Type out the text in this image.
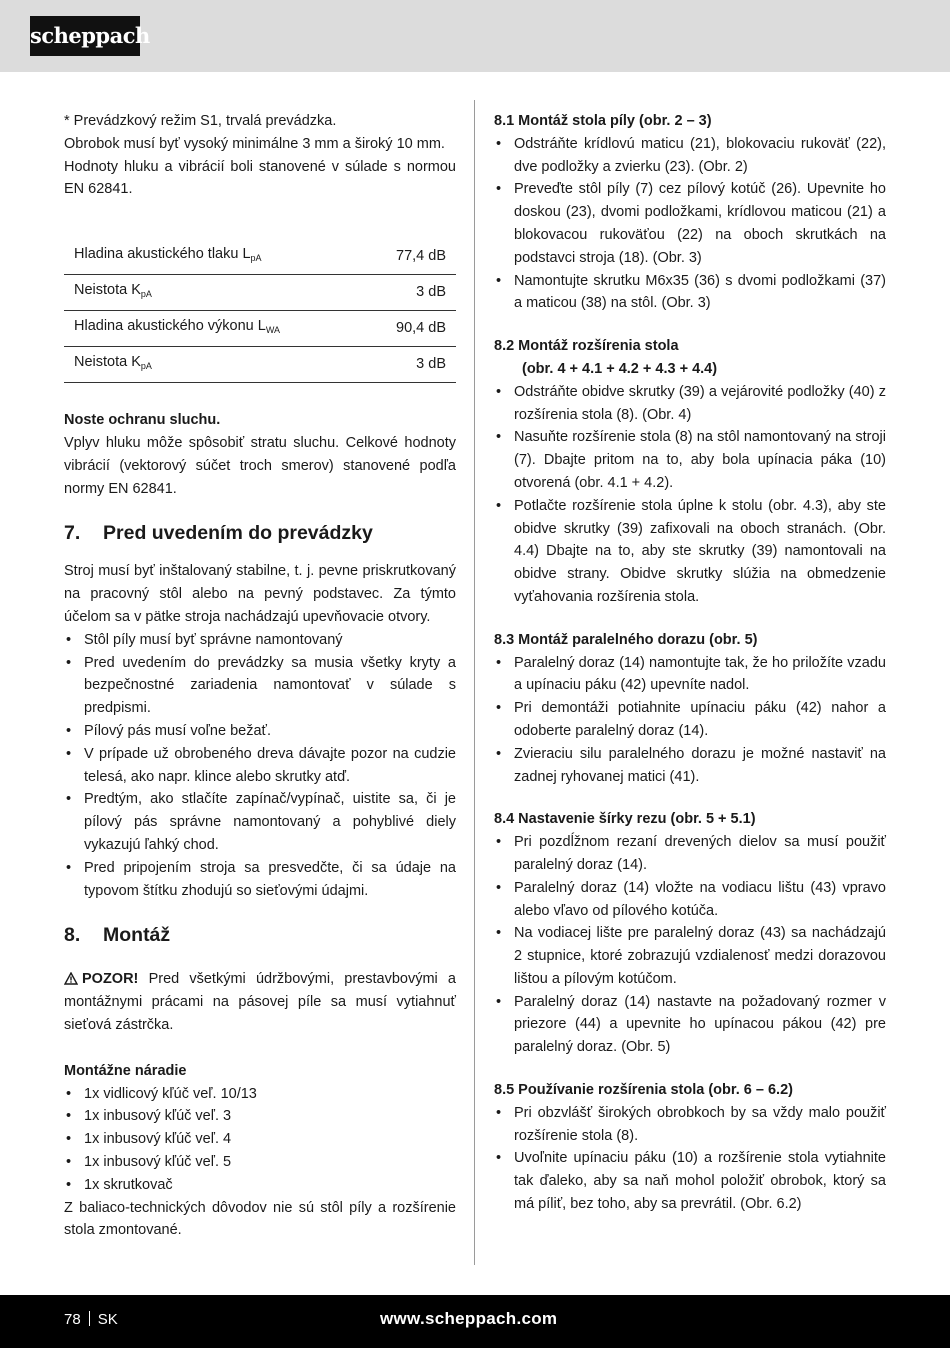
scheppach

* Prevádzkový režim S1, trvalá prevádzka.

Obrobok musí byť vysoký minimálne 3 mm a široký 10 mm.

Hodnoty hluku a vibrácií boli stanovené v súlade s normou EN 62841.

Hladina akustického tlaku $L_{pA}$	77,4 dB
Neistota $K_{pA}$	3 dB
Hladina akustického výkonu $L_{WA}$	90,4 dB
Neistota $K_{pA}$	3 dB

Noste ochranu sluchu.

Vplyv hluku môže spôsobiť stratu sluchu. Celkové hodnoty vibrácií (vektorový súčet troch smerov) stanovené podľa normy EN 62841.

7. Pred uvedením do prevádzky

Stroj musí byť inštalovaný stabilne, t. j. pevne priskrutkovaný na pracovný stôl alebo na pevný podstavec. Za týmto účelom sa v pätke stroja nachádzajú upevňovacie otvory.

• Stôl píly musí byť správne namontovaný
• Pred uvedením do prevádzky sa musia všetky kryty a bezpečnostné zariadenia namontovať v súlade s predpismi.
• Pílový pás musí voľne bežať.
• V prípade už obrobeného dreva dávajte pozor na cudzie telesá, ako napr. klince alebo skrutky atď.
• Predtým, ako stlačíte zapínač/vypínač, uistite sa, či je pílový pás správne namontovaný a pohyblivé diely vykazujú ľahký chod.
• Pred pripojením stroja sa presvedčte, či sa údaje na typovom štítku zhodujú so sieťovými údajmi.
8. Montáž

POZOR! Pred všetkými údržbovými, prestavbovými a montážnymi prácami na pásovej píle sa musí vytiahnuť sieťová zástrčka.

Montážne náradie

• 1x vidlicový kľúč veľ. 10/13
• 1x inbusový kľúč veľ. 3
• 1x inbusový kľúč veľ. 4
• 1x inbusový kľúč veľ. 5
• 1x skrutkovač

Z baliaco-technických dôvodov nie sú stôl píly a rozšírenie stola zmontované.

8.1 Montáž stola píly (obr. 2 – 3)
• Odstráňte krídlovú maticu (21), blokovaciu rukoväť (22), dve podložky a zvierku (23). (Obr. 2)
• Preveďte stôl píly (7) cez pílový kotúč (26). Upevnite ho doskou (23), dvomi podložkami, krídlovou maticou (21) a blokovacou rukoväťou (22) na oboch skrutkách na podstavci stroja (18). (Obr. 3)
• Namontujte skrutku M6x35 (36) s dvomi podložkami (37) a maticou (38) na stôl. (Obr. 3)
8.2 Montáž rozšírenia stola
(obr. 4 + 4.1 + 4.2 + 4.3 + 4.4)
• Odstráňte obidve skrutky (39) a vejárovité podložky (40) z rozšírenia stola (8). (Obr. 4)
• Nasuňte rozšírenie stola (8) na stôl namontovaný na stroji (7). Dbajte pritom na to, aby bola upínacia páka (10) otvorená (obr. 4.1 + 4.2).
• Potlačte rozšírenie stola úplne k stolu (obr. 4.3), aby ste obidve skrutky (39) zafixovali na oboch stranách. (Obr. 4.4) Dbajte na to, aby ste skrutky (39) namontovali na obidve strany. Obidve skrutky slúžia na obmedzenie vyťahovania rozšírenia stola.
8.3 Montáž paralelného dorazu (obr. 5)
• Paralelný doraz (14) namontujte tak, že ho priložíte vzadu a upínaciu páku (42) upevníte nadol.
• Pri demontáži potiahnite upínaciu páku (42) nahor a odoberte paralelný doraz (14).
• Zvieraciu silu paralelného dorazu je možné nastaviť na zadnej ryhovanej matici (41).
8.4 Nastavenie šírky rezu (obr. 5 + 5.1)
• Pri pozdĺžnom rezaní drevených dielov sa musí použiť paralelný doraz (14).
• Paralelný doraz (14) vložte na vodiacu lištu (43) vpravo alebo vľavo od pílového kotúča.
• Na vodiacej lište pre paralelný doraz (43) sa nachádzajú 2 stupnice, ktoré zobrazujú vzdialenosť medzi dorazovou lištou a pílovým kotúčom.
• Paralelný doraz (14) nastavte na požadovaný rozmer v priezore (44) a upevnite ho upínacou pákou (42) pre paralelný doraz. (Obr. 5)
8.5 Používanie rozšírenia stola (obr. 6 – 6.2)
• Pri obzvlášť širokých obrobkoch by sa vždy malo použiť rozšírenie stola (8).
• Uvoľnite upínaciu páku (10) a rozšírenie stola vytiahnite tak ďaleko, aby sa naň mohol položiť obrobok, ktorý sa má píliť, bez toho, aby sa prevrátil. (Obr. 6.2)
78 SK	www.scheppach.com
